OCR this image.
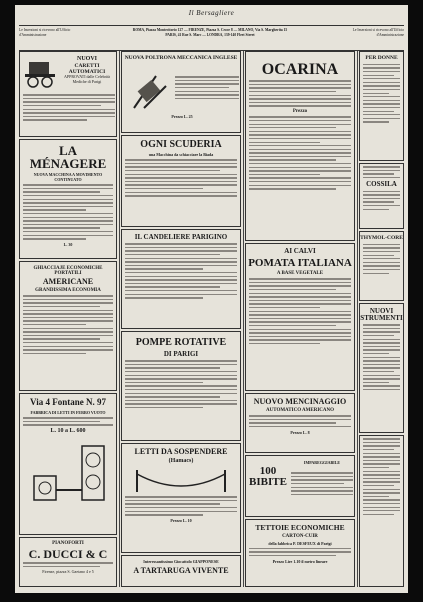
Il Bersagliere
Le Inserzioni si ricevono all'Ufficio d'Amministrazione
ROMA, Piazza Montecitorio 127 — FIRENZE, Piazza S. Croce 8 — MILANO, Via S. Margherita 15
PARIS, 41 Rue S. Marc — LONDRA, 139-140 Fleet Street
Le Inserzioni si ricevono all'Ufficio d'Amministrazione
NUOVI
CARETTI AUTOMATICI
APPROVATI dalle Celebrità Mediche di Parigi
LA MÉNAGERE
NUOVA MACCHINA A MOVIMENTO CONTINUATO
L. 30
GHIACCIAJE ECONOMICHE PORTATILI
AMERICANE
GRANDISSIMA ECONOMIA
Via 4 Fontane N. 97
FABBRICA DI LETTI IN FERRO VUOTO
L. 10 a L. 600
PIANOFORTI
C. DUCCI & C
Firenze, piazza S. Gaetano 4 e 5
NUOVA POLTRONA MECCANICA INGLESE
Prezzo L. 25
OGNI SCUDERIA
una Macchina da schiacciare la Biada
IL CANDELIERE PARIGINO
POMPE ROTATIVE
DI PARIGI
LETTI DA SOSPENDERE
(Hamacs)
Prezzo L. 10
Interessantissimo Giocattolo GIAPPONESE
A TARTARUGA VIVENTE
OCARINA
Prezzo
AI CALVI
POMATA ITALIANA
A BASE VEGETALE
NUOVO MENCINAGGIO
AUTOMATICO AMERICANO
Prezzo L. 8
100 BIBITE
IMPAREGGIABILE
TETTOIE ECONOMICHE
CARTON-CUIR
della fabbrica P. DESFEUX di Parigi
Prezzo Lire 1.10 il metro lineare
PER DONNE
COSSILA
THYMOL-CORE
NUOVI STRUMENTI
